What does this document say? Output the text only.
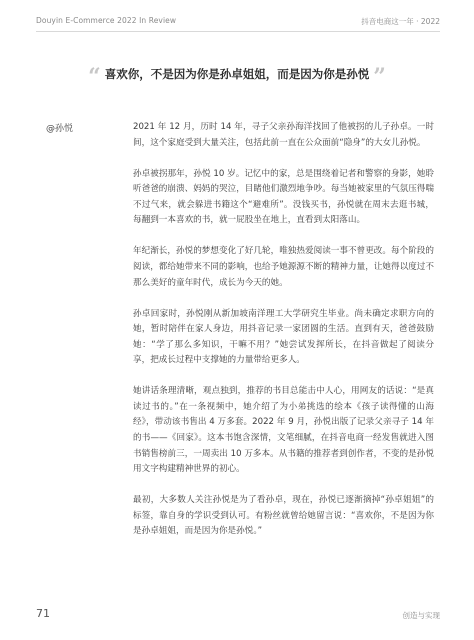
Douyin E-Commerce 2022 In Review	抖音电商这一年 · 2022
“ 喜欢你，不是因为你是孙卓姐姐，而是因为你是孙悦 ”
@孙悦	2021 年 12 月，历时 14 年，寻子父亲孙海洋找回了他被拐的儿子孙卓。一时间，这个家庭受到大量关注，包括此前一直在公众面前“隐身”的大女儿孙悦。

孙卓被拐那年，孙悦 10 岁。记忆中的家，总是围绕着记者和警察的身影，她聆听爸爸的崩溃、妈妈的哭泣，目睹他们激烈地争吵。每当她被家里的气氛压得喘不过气来，就会躲进书籍这个“避难所”。没钱买书，孙悦就在周末去逛书城，每翻到一本喜欢的书，就一屁股坐在地上，直看到太阳落山。

年纪渐长，孙悦的梦想变化了好几轮，唯独热爱阅读一事不曾更改。每个阶段的阅读，都给她带来不同的影响，也给予她源源不断的精神力量，让她得以度过不那么美好的童年时代，成长为今天的她。

孙卓回家时，孙悦刚从新加坡南洋理工大学研究生毕业。尚未确定求职方向的她，暂时陪伴在家人身边，用抖音记录一家团圆的生活。直到有天，爸爸鼓励她：“学了那么多知识，干嘛不用？”她尝试发挥所长，在抖音做起了阅读分享，把成长过程中支撑她的力量带给更多人。

她讲话条理清晰，观点独到，推荐的书目总能击中人心，用网友的话说：“是真读过书的。”在一条视频中，她介绍了为小弟挑选的绘本《孩子读得懂的山海经》，带动该书售出 4 万多套。2022 年 9 月，孙悦出版了记录父亲寻子 14 年的书——《回家》。这本书饱含深情，文笔细腻，在抖音电商一经发售就进入图书销售榜前三，一周卖出 10 万多本。从书籍的推荐者到创作者，不变的是孙悦用文字构建精神世界的初心。

最初，大多数人关注孙悦是为了看孙卓，现在，孙悦已逐渐摘掉“孙卓姐姐”的标签，靠自身的学识受到认可。有粉丝就曾给她留言说：“喜欢你，不是因为你是孙卓姐姐，而是因为你是孙悦。”

71	创造与实现
